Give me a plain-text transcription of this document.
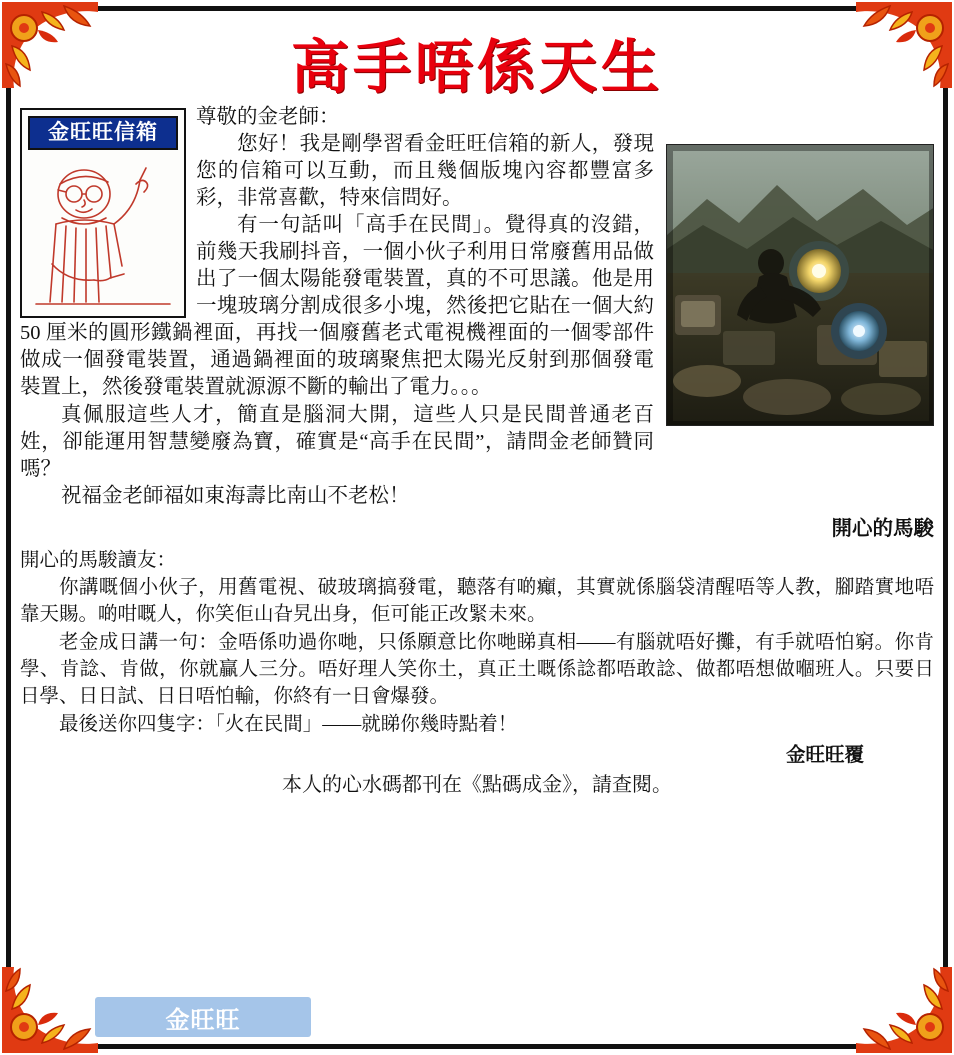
高手唔係天生
金旺旺信箱
尊敬的金老師：
您好！我是剛學習看金旺旺信箱的新人，發現您的信箱可以互動，而且幾個版塊內容都豐富多彩，非常喜歡，特來信問好。
有一句話叫「高手在民間」。覺得真的沒錯，前幾天我刷抖音，一個小伙子利用日常廢舊用品做出了一個太陽能發電裝置，真的不可思議。他是用一塊玻璃分割成很多小塊，然後把它貼在一個大約 50 厘米的圓形鐵鍋裡面，再找一個廢舊老式電視機裡面的一個零部件做成一個發電裝置，通過鍋裡面的玻璃聚焦把太陽光反射到那個發電裝置上，然後發電裝置就源源不斷的輸出了電力。。。
真佩服這些人才，簡直是腦洞大開，這些人只是民間普通老百姓，卻能運用智慧變廢為寶，確實是“高手在民間”，請問金老師贊同嗎？
祝福金老師福如東海壽比南山不老松！
開心的馬駿
開心的馬駿讀友：
你講嘅個小伙子，用舊電視、破玻璃搞發電，聽落有啲癲，其實就係腦袋清醒唔等人教，腳踏實地唔靠天賜。啲咁嘅人，你笑佢山旮旯出身，佢可能正改緊未來。
老金成日講一句：金唔係叻過你哋，只係願意比你哋睇真相——有腦就唔好攤，有手就唔怕窮。你肯學、肯諗、肯做，你就贏人三分。唔好理人笑你土，真正土嘅係諗都唔敢諗、做都唔想做嗰班人。只要日日學、日日試、日日唔怕輸，你終有一日會爆發。
最後送你四隻字：「火在民間」——就睇你幾時點着！
金旺旺覆
本人的心水碼都刊在《點碼成金》，請查閱。
金旺旺
